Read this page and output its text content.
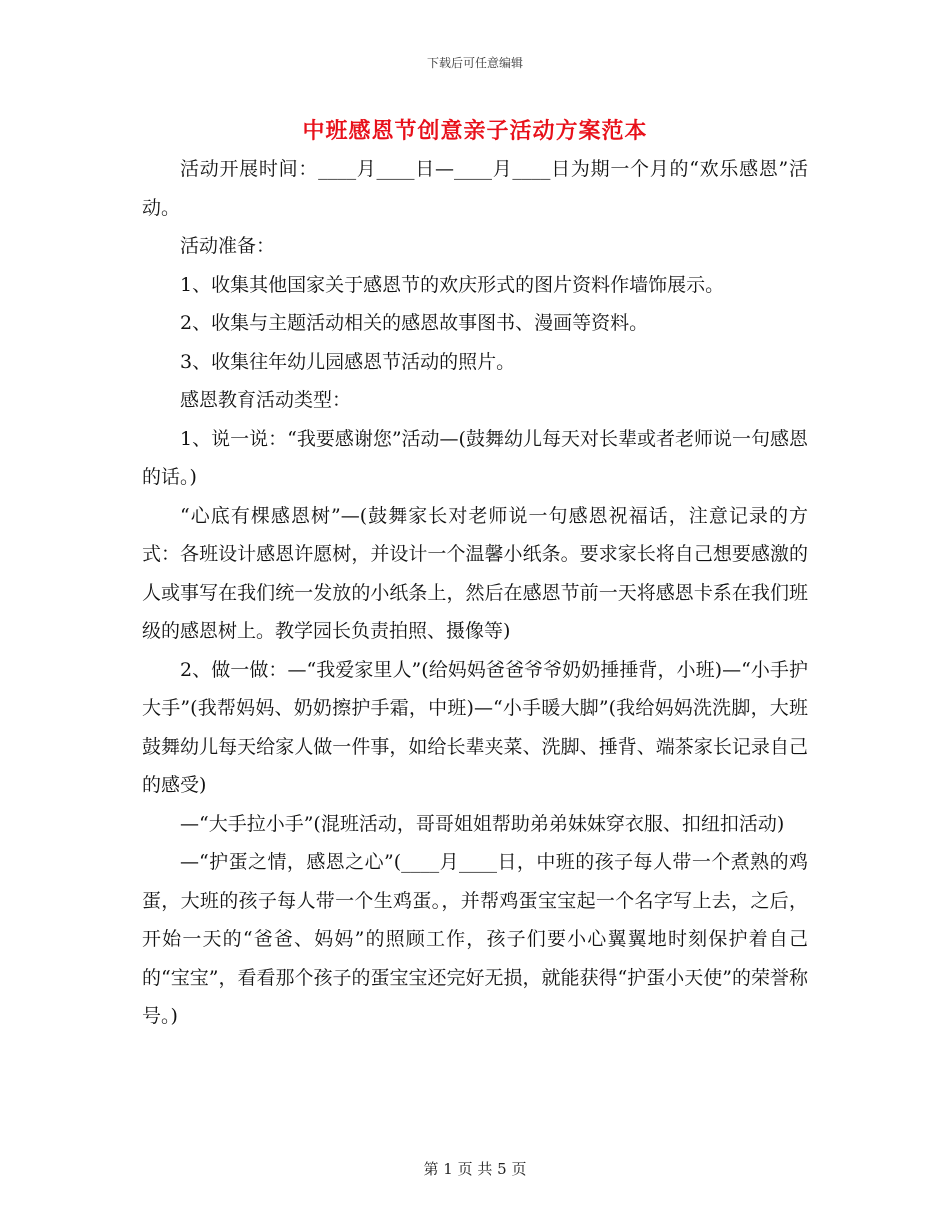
下载后可任意编辑
中班感恩节创意亲子活动方案范本

活动开展时间：____月____日—____月____日为期一个月的“欢乐感恩”活动。

活动准备：

1、收集其他国家关于感恩节的欢庆形式的图片资料作墙饰展示。

2、收集与主题活动相关的感恩故事图书、漫画等资料。

3、收集往年幼儿园感恩节活动的照片。

感恩教育活动类型：

1、说一说：“我要感谢您”活动—(鼓舞幼儿每天对长辈或者老师说一句感恩的话。)

“心底有棵感恩树”—(鼓舞家长对老师说一句感恩祝福话，注意记录的方式：各班设计感恩许愿树，并设计一个温馨小纸条。要求家长将自己想要感激的人或事写在我们统一发放的小纸条上，然后在感恩节前一天将感恩卡系在我们班级的感恩树上。教学园长负责拍照、摄像等)

2、做一做：—“我爱家里人”(给妈妈爸爸爷爷奶奶捶捶背，小班)—“小手护大手”(我帮妈妈、奶奶擦护手霜，中班)—“小手暖大脚”(我给妈妈洗洗脚，大班鼓舞幼儿每天给家人做一件事，如给长辈夹菜、洗脚、捶背、端茶家长记录自己的感受)

—“大手拉小手”(混班活动，哥哥姐姐帮助弟弟妹妹穿衣服、扣纽扣活动)

—“护蛋之情，感恩之心”(____月____日，中班的孩子每人带一个煮熟的鸡蛋，大班的孩子每人带一个生鸡蛋。，并帮鸡蛋宝宝起一个名字写上去，之后，开始一天的“爸爸、妈妈”的照顾工作，孩子们要小心翼翼地时刻保护着自己的“宝宝”，看看那个孩子的蛋宝宝还完好无损，就能获得“护蛋小天使”的荣誉称号。)

第 1 页 共 5 页
